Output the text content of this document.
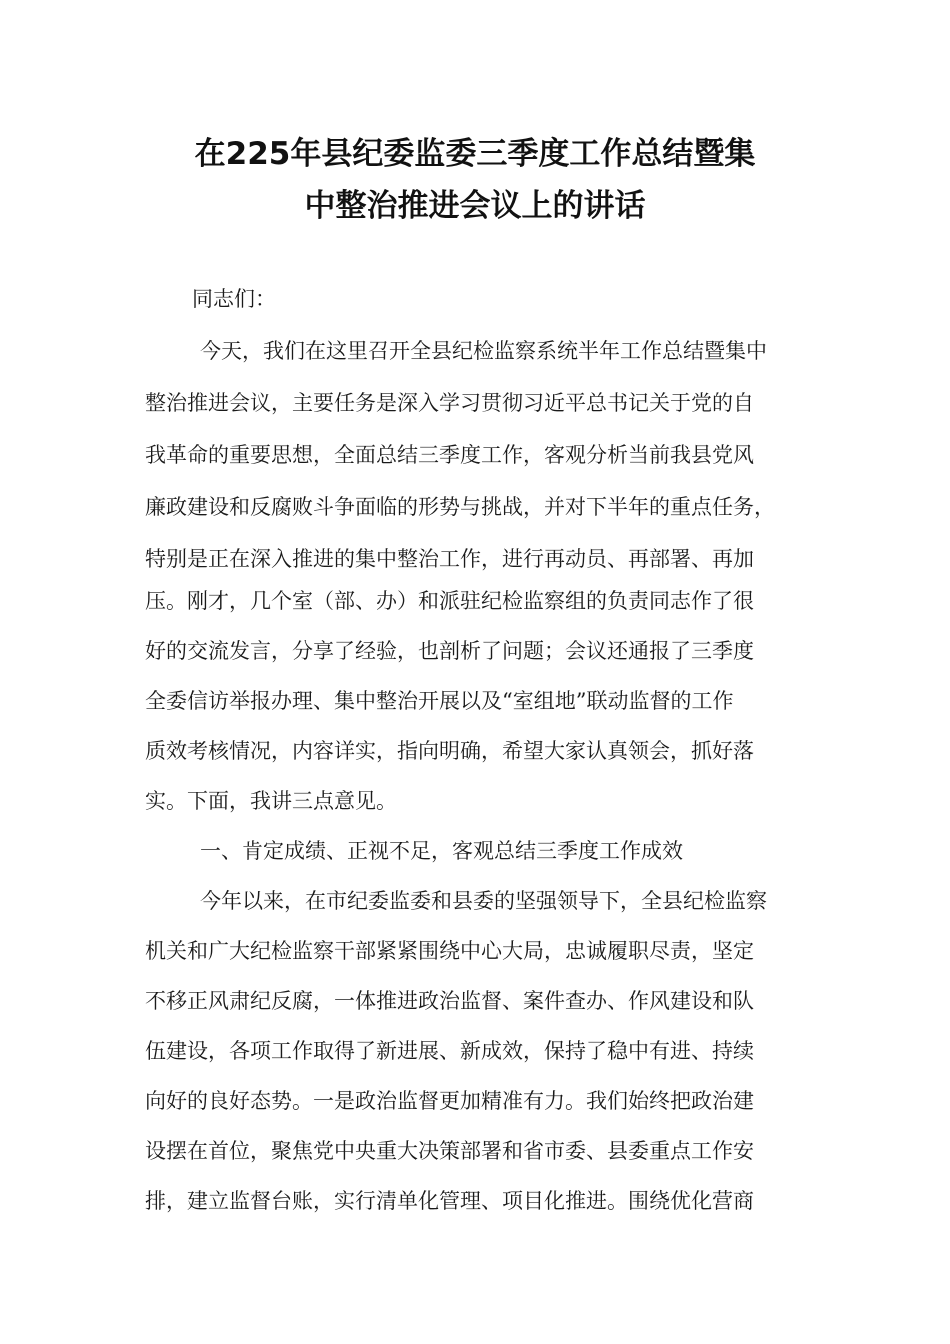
在225年县纪委监委三季度工作总结暨集
中整治推进会议上的讲话

同志们：

今天，我们在这里召开全县纪检监察系统半年工作总结暨集中

整治推进会议，主要任务是深入学习贯彻习近平总书记关于党的自

我革命的重要思想，全面总结三季度工作，客观分析当前我县党风

廉政建设和反腐败斗争面临的形势与挑战，并对下半年的重点任务，

特别是正在深入推进的集中整治工作，进行再动员、再部署、再加

压。刚才，几个室（部、办）和派驻纪检监察组的负责同志作了很

好的交流发言，分享了经验，也剖析了问题；会议还通报了三季度

全委信访举报办理、集中整治开展以及“室组地”联动监督的工作

质效考核情况，内容详实，指向明确，希望大家认真领会，抓好落

实。下面，我讲三点意见。

一、肯定成绩、正视不足，客观总结三季度工作成效

今年以来，在市纪委监委和县委的坚强领导下，全县纪检监察

机关和广大纪检监察干部紧紧围绕中心大局，忠诚履职尽责，坚定

不移正风肃纪反腐，一体推进政治监督、案件查办、作风建设和队

伍建设，各项工作取得了新进展、新成效，保持了稳中有进、持续

向好的良好态势。一是政治监督更加精准有力。我们始终把政治建

设摆在首位，聚焦党中央重大决策部署和省市委、县委重点工作安

排，建立监督台账，实行清单化管理、项目化推进。围绕优化营商
